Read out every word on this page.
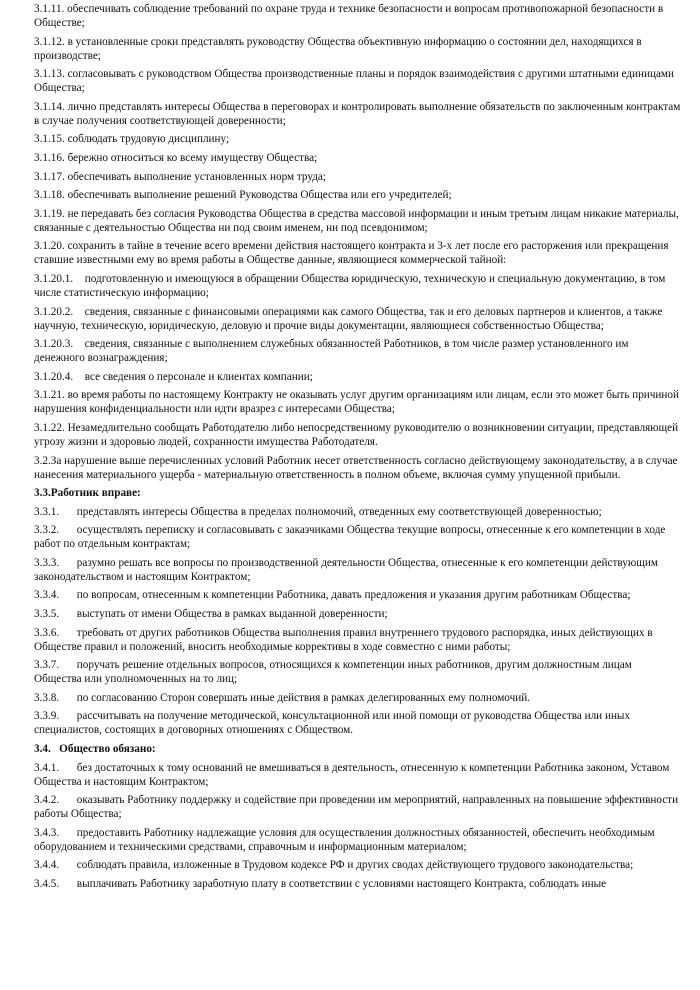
3.1.11. обеспечивать соблюдение требований по охране труда и технике безопасности и вопросам противопожарной безопасности в Обществе;

3.1.12. в установленные сроки представлять руководству Общества объективную информацию о состоянии дел, находящихся в производстве;

3.1.13. согласовывать с руководством Общества производственные планы и порядок взаимодействия с другими штатными единицами Общества;

3.1.14. лично представлять интересы Общества в переговорах и контролировать выполнение обязательств по заключенным контрактам в случае получения соответствующей доверенности;

3.1.15. соблюдать трудовую дисциплину;

3.1.16. бережно относиться ко всему имуществу Общества;

3.1.17. обеспечивать выполнение установленных норм труда;

3.1.18. обеспечивать выполнение решений Руководства Общества или его учредителей;

3.1.19. не передавать без согласия Руководства Общества в средства массовой информации и иным третьим лицам никакие материалы, связанные с деятельностью Общества ни под своим именем, ни под псевдонимом;

3.1.20. сохранить в тайне в течение всего времени действия настоящего контракта и 3-х лет после его расторжения или прекращения ставшие известными ему во время работы в Обществе данные, являющиеся коммерческой тайной:

3.1.20.1. подготовленную и имеющуюся в обращении Общества юридическую, техническую и специальную документацию, в том числе статистическую информацию;

3.1.20.2. сведения, связанные с финансовыми операциями как самого Общества, так и его деловых партнеров и клиентов, а также научную, техническую, юридическую, деловую и прочие виды документации, являющиеся собственностью Общества;

3.1.20.3. сведения, связанные с выполнением служебных обязанностей Работников, в том числе размер установленного им денежного вознаграждения;

3.1.20.4. все сведения о персонале и клиентах компании;

3.1.21. во время работы по настоящему Контракту не оказывать услуг другим организациям или лицам, если это может быть причиной нарушения конфиденциальности или идти вразрез с интересами Общества;

3.1.22. Незамедлительно сообщать Работодателю либо непосредственному руководителю о возникновении ситуации, представляющей угрозу жизни и здоровью людей, сохранности имущества Работодателя.

3.2.За нарушение выше перечисленных условий Работник несет ответственность согласно действующему законодательству, а в случае нанесения материального ущерба - материальную ответственность в полном объеме, включая сумму упущенной прибыли.

3.3.Работник вправе:

3.3.1. представлять интересы Общества в пределах полномочий, отведенных ему соответствующей доверенностью;

3.3.2. осуществлять переписку и согласовывать с заказчиками Общества текущие вопросы, отнесенные к его компетенции в ходе работ по отдельным контрактам;

3.3.3. разумно решать все вопросы по производственной деятельности Общества, отнесенные к его компетенции действующим законодательством и настоящим Контрактом;

3.3.4. по вопросам, отнесенным к компетенции Работника, давать предложения и указания другим работникам Общества;

3.3.5. выступать от имени Общества в рамках выданной доверенности;

3.3.6. требовать от других работников Общества выполнения правил внутреннего трудового распорядка, иных действующих в Обществе правил и положений, вносить необходимые коррективы в ходе совместно с ними работы;

3.3.7. поручать решение отдельных вопросов, относящихся к компетенции иных работников, другим должностным лицам Общества или уполномоченных на то лиц;

3.3.8. по согласованию Сторон совершать иные действия в рамках делегированных ему полномочий.

3.3.9. рассчитывать на получение методической, консультационной или иной помощи от руководства Общества или иных специалистов, состоящих в договорных отношениях с Обществом.

3.4.   Общество обязано:

3.4.1. без достаточных к тому оснований не вмешиваться в деятельность, отнесенную к компетенции Работника законом, Уставом Общества и настоящим Контрактом;

3.4.2. оказывать Работнику поддержку и содействие при проведении им мероприятий, направленных на повышение эффективности работы Общества;

3.4.3. предоставить Работнику надлежащие условия для осуществления должностных обязанностей, обеспечить необходимым оборудованием и техническими средствами, справочным и информационным материалом;

3.4.4. соблюдать правила, изложенные в Трудовом кодексе РФ и других сводах действующего трудового законодательства;

3.4.5. выплачивать Работнику заработную плату в соответствии с условиями настоящего Контракта, соблюдать иные
